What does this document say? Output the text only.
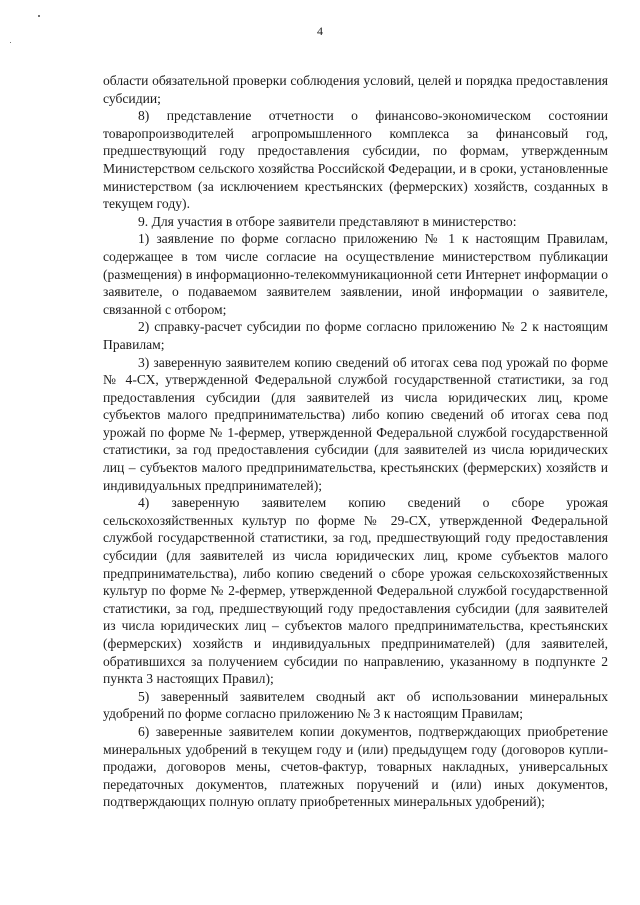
4

области обязательной проверки соблюдения условий, целей и порядка предоставления субсидии;

8) представление отчетности о финансово-экономическом состоянии товаропроизводителей агропромышленного комплекса за финансовый год, предшествующий году предоставления субсидии, по формам, утвержденным Министерством сельского хозяйства Российской Федерации, и в сроки, установленные министерством (за исключением крестьянских (фермерских) хозяйств, созданных в текущем году).

9. Для участия в отборе заявители представляют в министерство:

1) заявление по форме согласно приложению № 1 к настоящим Правилам, содержащее в том числе согласие на осуществление министерством публикации (размещения) в информационно-телекоммуникационной сети Интернет информации о заявителе, о подаваемом заявителем заявлении, иной информации о заявителе, связанной с отбором;

2) справку-расчет субсидии по форме согласно приложению № 2 к настоящим Правилам;

3) заверенную заявителем копию сведений об итогах сева под урожай по форме № 4-СХ, утвержденной Федеральной службой государственной статистики, за год предоставления субсидии (для заявителей из числа юридических лиц, кроме субъектов малого предпринимательства) либо копию сведений об итогах сева под урожай по форме № 1-фермер, утвержденной Федеральной службой государственной статистики, за год предоставления субсидии (для заявителей из числа юридических лиц – субъектов малого предпринимательства, крестьянских (фермерских) хозяйств и индивидуальных предпринимателей);

4) заверенную заявителем копию сведений о сборе урожая сельскохозяйственных культур по форме № 29-СХ, утвержденной Федеральной службой государственной статистики, за год, предшествующий году предоставления субсидии (для заявителей из числа юридических лиц, кроме субъектов малого предпринимательства), либо копию сведений о сборе урожая сельскохозяйственных культур по форме № 2-фермер, утвержденной Федеральной службой государственной статистики, за год, предшествующий году предоставления субсидии (для заявителей из числа юридических лиц – субъектов малого предпринимательства, крестьянских (фермерских) хозяйств и индивидуальных предпринимателей) (для заявителей, обратившихся за получением субсидии по направлению, указанному в подпункте 2 пункта 3 настоящих Правил);

5) заверенный заявителем сводный акт об использовании минеральных удобрений по форме согласно приложению № 3 к настоящим Правилам;

6) заверенные заявителем копии документов, подтверждающих приобретение минеральных удобрений в текущем году и (или) предыдущем году (договоров купли-продажи, договоров мены, счетов-фактур, товарных накладных, универсальных передаточных документов, платежных поручений и (или) иных документов, подтверждающих полную оплату приобретенных минеральных удобрений);
